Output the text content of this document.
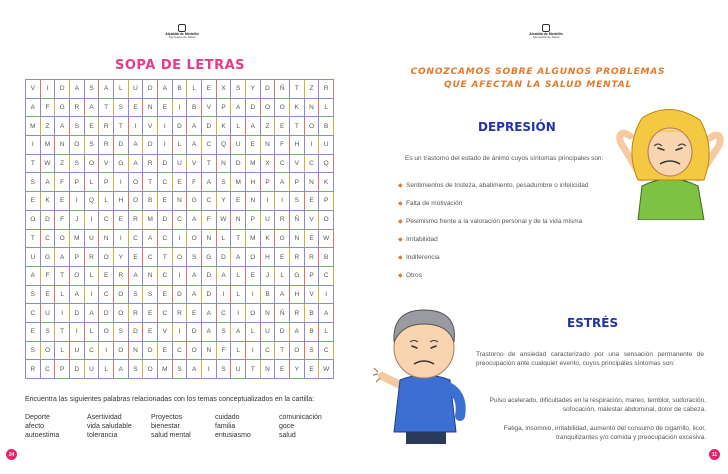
Alcaldía de Medellín
Secretaría de Salud
SOPA DE LETRAS
V	I	D	A	S	A	L	U	D	A	B	L	E	X	S	Y	D	Ñ	T	Z	R
A	F	G	R	A	T	S	E	N	E	I	B	V	P	A	D	O	O	K	N	L
M	Z	A	S	E	R	T	I	V	I	D	A	D	K	L	A	Z	E	T	O	B
I	M	N	O	S	R	D	A	D	I	L	A	C	Q	U	E	N	F	H	I	U
T	W	Z	S	O	V	G	A	R	D	U	V	T	N	D	M	X	C	V	C	Q
S	A	F	P	L	P	I	O	T	C	E	F	A	S	M	H	P	A	P	N	K
E	K	E	I	Q	L	H	O	B	E	N	G	C	Y	E	N	I	I	S	E	P
O	D	F	J	I	C	E	R	M	D	C	A	F	W	N	P	U	R	Ñ	V	O
T	C	O	M	U	N	I	C	A	C	I	O	N	L	T	M	K	G	N	E	W
U	G	A	P	R	O	Y	E	C	T	O	S	G	D	A	O	H	E	R	R	B
A	F	T	O	L	E	R	A	N	C	I	A	D	A	L	E	J	L	G	P	C
S	E	L	A	I	C	O	S	S	E	D	A	D	I	L	I	B	A	H	V	I
C	U	I	D	A	D	O	R	E	C	R	E	A	C	I	O	N	Ñ	R	B	A
E	S	T	I	L	O	S	D	E	V	I	D	A	S	A	L	U	D	A	B	L
S	O	L	U	C	I	O	N	D	E	C	O	N	F	L	I	C	T	O	S	C
R	C	P	D	U	L	A	S	O	M	S	A	I	S	U	T	N	E	Y	E	W
Encuentra las siguientes palabras relacionadas con los temas conceptualizados en la cartilla:
Deporte	Asertividad	Proyectos	cuidado	comunicación
afecto	vida saludable	bienestar	familia	goce
autoestima	tolerancia	salud mental	entusiasmo	salud
24
Alcaldía de Medellín
Secretaría de Salud
CONOZCAMOS SOBRE ALGUNOS PROBLEMAS
QUE AFECTAN LA SALUD MENTAL
DEPRESIÓN
Es un trastorno del estado de ánimo cuyos síntomas principales son:
◆ Sentimientos de tristeza, abatimiento, pesadumbre o infelicidad
◆ Falta de motivación
◆ Pesimismo frente a la valoración personal y de la vida misma
◆ Irritabilidad
◆ Indiferencia
◆ Otros
ESTRÉS
Trastorno de ansiedad caracterizado por una sensación permanente de preocupación ante cualquier evento, cuyos principales síntomas son:
Pulso acelerado, dificultades en la respiración, mareo, temblor, sudoración, sofocación, malestar abdominal, dolor de cabeza.
Fatiga, insomnio, irritabilidad, aumento del consumo de cigarrillo, licor, tranquilizantes y/o comida y preocupación excesiva.
11
